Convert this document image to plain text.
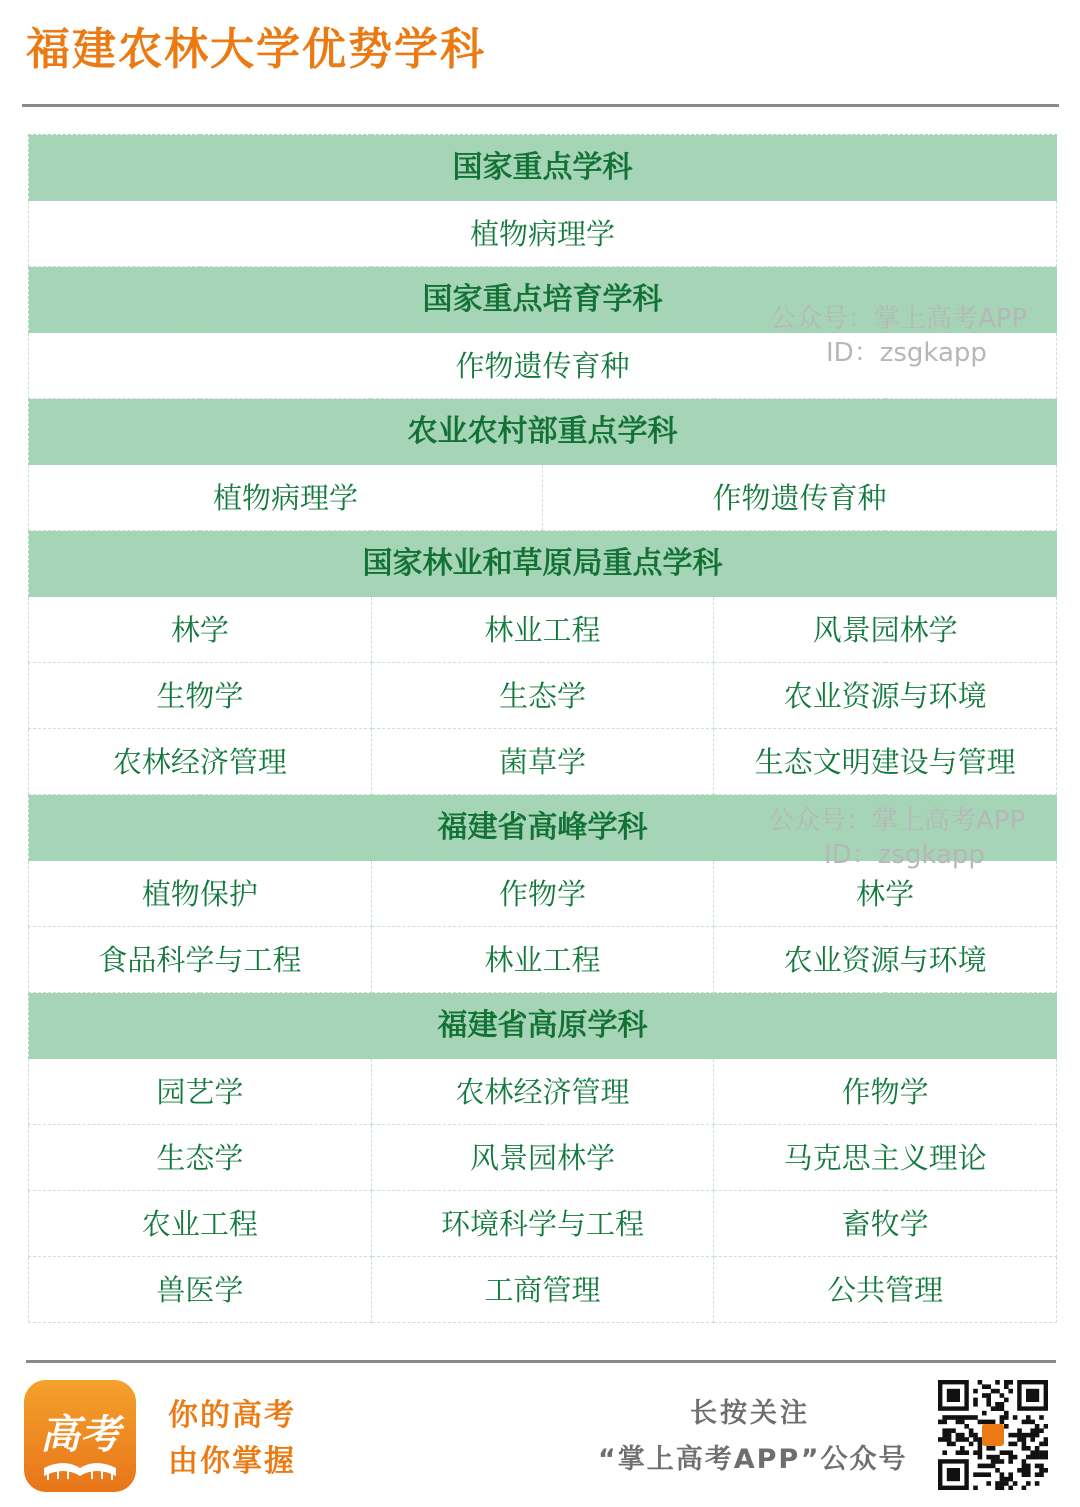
福建农林大学优势学科
国家重点学科			
植物病理学			
国家重点培育学科			
作物遗传育种			
农业农村部重点学科			
植物病理学		作物遗传育种	
国家林业和草原局重点学科			
林学	林业工程		风景园林学
生物学	生态学		农业资源与环境
农林经济管理	菌草学		生态文明建设与管理
福建省高峰学科			
植物保护	作物学		林学
食品科学与工程	林业工程		农业资源与环境
福建省高原学科			
园艺学	农林经济管理		作物学
生态学	风景园林学		马克思主义理论
农业工程	环境科学与工程		畜牧学
兽医学	工商管理		公共管理
公众号：掌上高考APP
ID：zsgkapp
公众号：掌上高考APP
ID：zsgkapp
高考 你的高考
由你掌握
长按关注
“掌上高考APP”公众号
